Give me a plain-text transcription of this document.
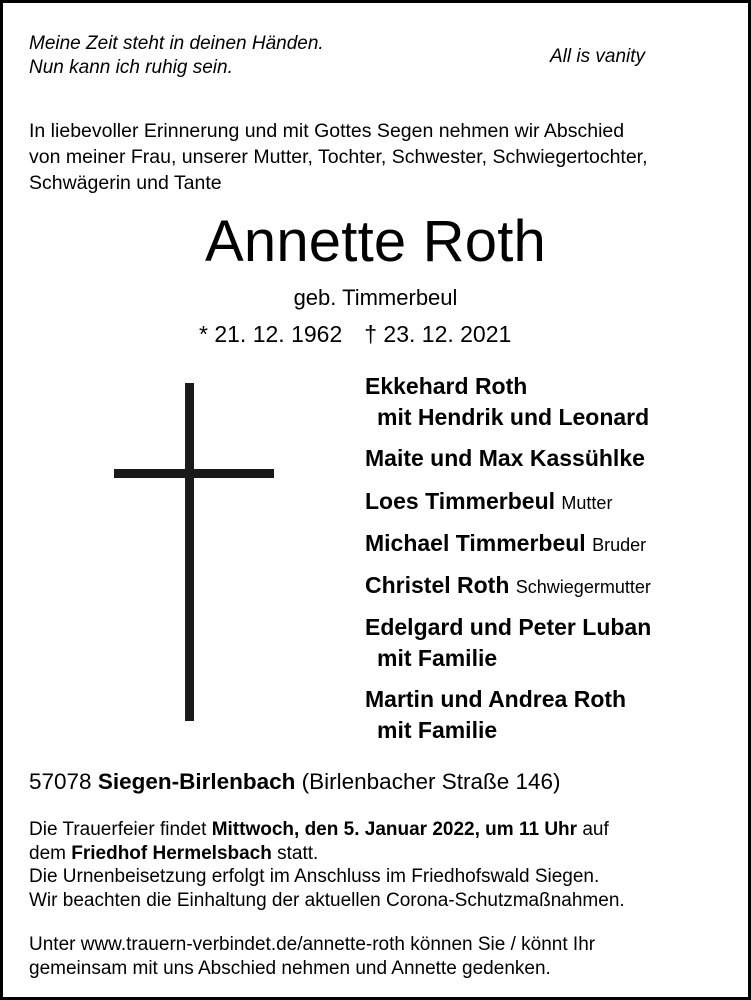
Meine Zeit steht in deinen Händen.
Nun kann ich ruhig sein.
All is vanity
In liebevoller Erinnerung und mit Gottes Segen nehmen wir Abschied
von meiner Frau, unserer Mutter, Tochter, Schwester, Schwiegertochter,
Schwägerin und Tante
Annette Roth
geb. Timmerbeul
* 21. 12. 1962 † 23. 12. 2021
Ekkehard Roth
mit Hendrik und Leonard
Maite und Max Kassühlke
Loes Timmerbeul Mutter
Michael Timmerbeul Bruder
Christel Roth Schwiegermutter
Edelgard und Peter Luban
mit Familie
Martin und Andrea Roth
mit Familie
57078 Siegen-Birlenbach (Birlenbacher Straße 146)
Die Trauerfeier findet Mittwoch, den 5. Januar 2022, um 11 Uhr auf
dem Friedhof Hermelsbach statt.
Die Urnenbeisetzung erfolgt im Anschluss im Friedhofswald Siegen.
Wir beachten die Einhaltung der aktuellen Corona-Schutzmaßnahmen.
Unter www.trauern-verbindet.de/annette-roth können Sie / könnt Ihr
gemeinsam mit uns Abschied nehmen und Annette gedenken.
